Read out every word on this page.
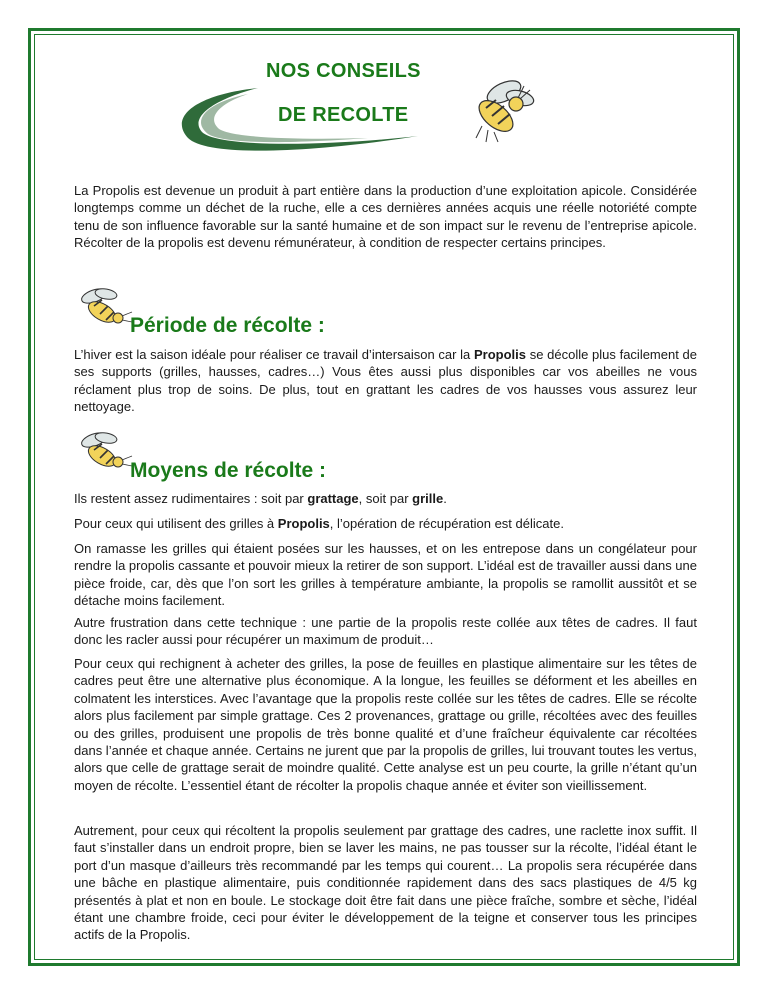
NOS CONSEILS
DE RECOLTE

La Propolis est devenue un produit à part entière dans la production d’une exploitation apicole. Considérée longtemps comme un déchet de la ruche, elle a ces dernières années acquis une réelle notoriété compte tenu de son influence favorable sur la santé humaine et de son impact sur le revenu de l’entreprise apicole. Récolter de la propolis est devenu rémunérateur, à condition de respecter certains principes.

Période de récolte :

L’hiver est la saison idéale pour réaliser ce travail d’intersaison car la Propolis se décolle plus facilement de ses supports (grilles, hausses, cadres…) Vous êtes aussi plus disponibles car vos abeilles ne vous réclament plus trop de soins. De plus, tout en grattant les cadres de vos hausses vous assurez leur nettoyage.

Moyens de récolte :

Ils restent assez rudimentaires : soit par grattage, soit par grille.

Pour ceux qui utilisent des grilles à Propolis, l’opération de récupération est délicate.

On ramasse les grilles qui étaient posées sur les hausses, et on les entrepose dans un congélateur pour rendre la propolis cassante et pouvoir mieux la retirer de son support. L’idéal est de travailler aussi dans une pièce froide, car, dès que l’on sort les grilles à température ambiante, la propolis se ramollit aussitôt et se détache moins facilement.

Autre frustration dans cette technique : une partie de la propolis reste collée aux têtes de cadres. Il faut donc les racler aussi pour récupérer un maximum de produit…

Pour ceux qui rechignent à acheter des grilles, la pose de feuilles en plastique alimentaire sur les têtes de cadres peut être une alternative plus économique. A la longue, les feuilles se déforment et les abeilles en colmatent les interstices. Avec l’avantage que la propolis reste collée sur les têtes de cadres. Elle se récolte alors plus facilement par simple grattage. Ces 2 provenances, grattage ou grille, récoltées avec des feuilles ou des grilles, produisent une propolis de très bonne qualité et d’une fraîcheur équivalente car récoltées dans l’année et chaque année. Certains ne jurent que par la propolis de grilles, lui trouvant toutes les vertus, alors que celle de grattage serait de moindre qualité. Cette analyse est un peu courte, la grille n’étant qu’un moyen de récolte. L’essentiel étant de récolter la propolis chaque année et éviter son vieillissement.

Autrement, pour ceux qui récoltent la propolis seulement par grattage des cadres, une raclette inox suffit. Il faut s’installer dans un endroit propre, bien se laver les mains, ne pas tousser sur la récolte, l’idéal étant le port d’un masque d’ailleurs très recommandé par les temps qui courent… La propolis sera récupérée dans une bâche en plastique alimentaire, puis conditionnée rapidement dans des sacs plastiques de 4/5 kg présentés à plat et non en boule. Le stockage doit être fait dans une pièce fraîche, sombre et sèche, l’idéal étant une chambre froide, ceci pour éviter le développement de la teigne et conserver tous les principes actifs de la Propolis.
